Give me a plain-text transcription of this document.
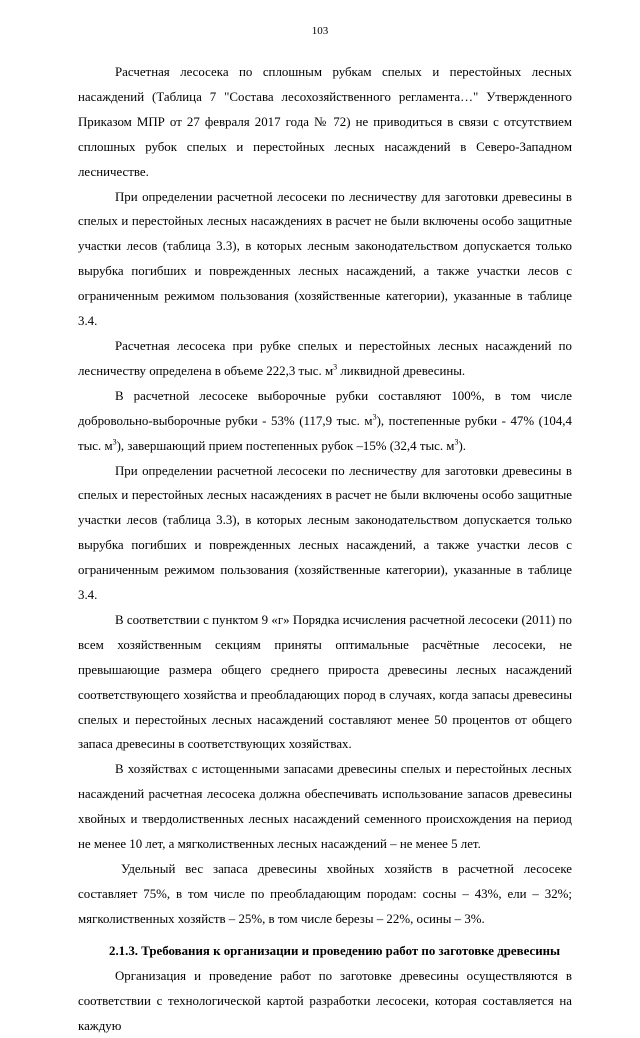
103

Расчетная лесосека по сплошным рубкам спелых и перестойных лесных насаждений (Таблица 7 "Состава лесохозяйственного регламента…" Утвержденного Приказом МПР от 27 февраля 2017 года № 72) не приводиться в связи с отсутствием сплошных рубок спелых и перестойных лесных насаждений в Северо-Западном лесничестве.

При определении расчетной лесосеки по лесничеству для заготовки древесины в спелых и перестойных лесных насаждениях в расчет не были включены особо защитные участки лесов (таблица 3.3), в которых лесным законодательством допускается только вырубка погибших и поврежденных лесных насаждений, а также участки лесов с ограниченным режимом пользования (хозяйственные категории), указанные в таблице 3.4.

Расчетная лесосека при рубке спелых и перестойных лесных насаждений по лесничеству определена в объеме 222,3 тыс. $м^3$ ликвидной древесины.

В расчетной лесосеке выборочные рубки составляют 100%, в том числе добровольно-выборочные рубки - 53% (117,9 тыс. $м^3$), постепенные рубки - 47% (104,4 тыс. $м^3$), завершающий прием постепенных рубок –15% (32,4 тыс. $м^3$).

При определении расчетной лесосеки по лесничеству для заготовки древесины в спелых и перестойных лесных насаждениях в расчет не были включены особо защитные участки лесов (таблица 3.3), в которых лесным законодательством допускается только вырубка погибших и поврежденных лесных насаждений, а также участки лесов с ограниченным режимом пользования (хозяйственные категории), указанные в таблице 3.4.

В соответствии с пунктом 9 «г» Порядка исчисления расчетной лесосеки (2011) по всем хозяйственным секциям приняты оптимальные расчётные лесосеки, не превышающие размера общего среднего прироста древесины лесных насаждений соответствующего хозяйства и преобладающих пород в случаях, когда запасы древесины спелых и перестойных лесных насаждений составляют менее 50 процентов от общего запаса древесины в соответствующих хозяйствах.

В хозяйствах с истощенными запасами древесины спелых и перестойных лесных насаждений расчетная лесосека должна обеспечивать использование запасов древесины хвойных и твердолиственных лесных насаждений семенного происхождения на период не менее 10 лет, а мягколиственных лесных насаждений – не менее 5 лет.

Удельный вес запаса древесины хвойных хозяйств в расчетной лесосеке составляет 75%, в том числе по преобладающим породам: сосны – 43%, ели – 32%; мягколиственных хозяйств – 25%, в том числе березы – 22%, осины – 3%.

2.1.3. Требования к организации и проведению работ по заготовке древесины

Организация и проведение работ по заготовке древесины осуществляются в соответствии с технологической картой разработки лесосеки, которая составляется на каждую
